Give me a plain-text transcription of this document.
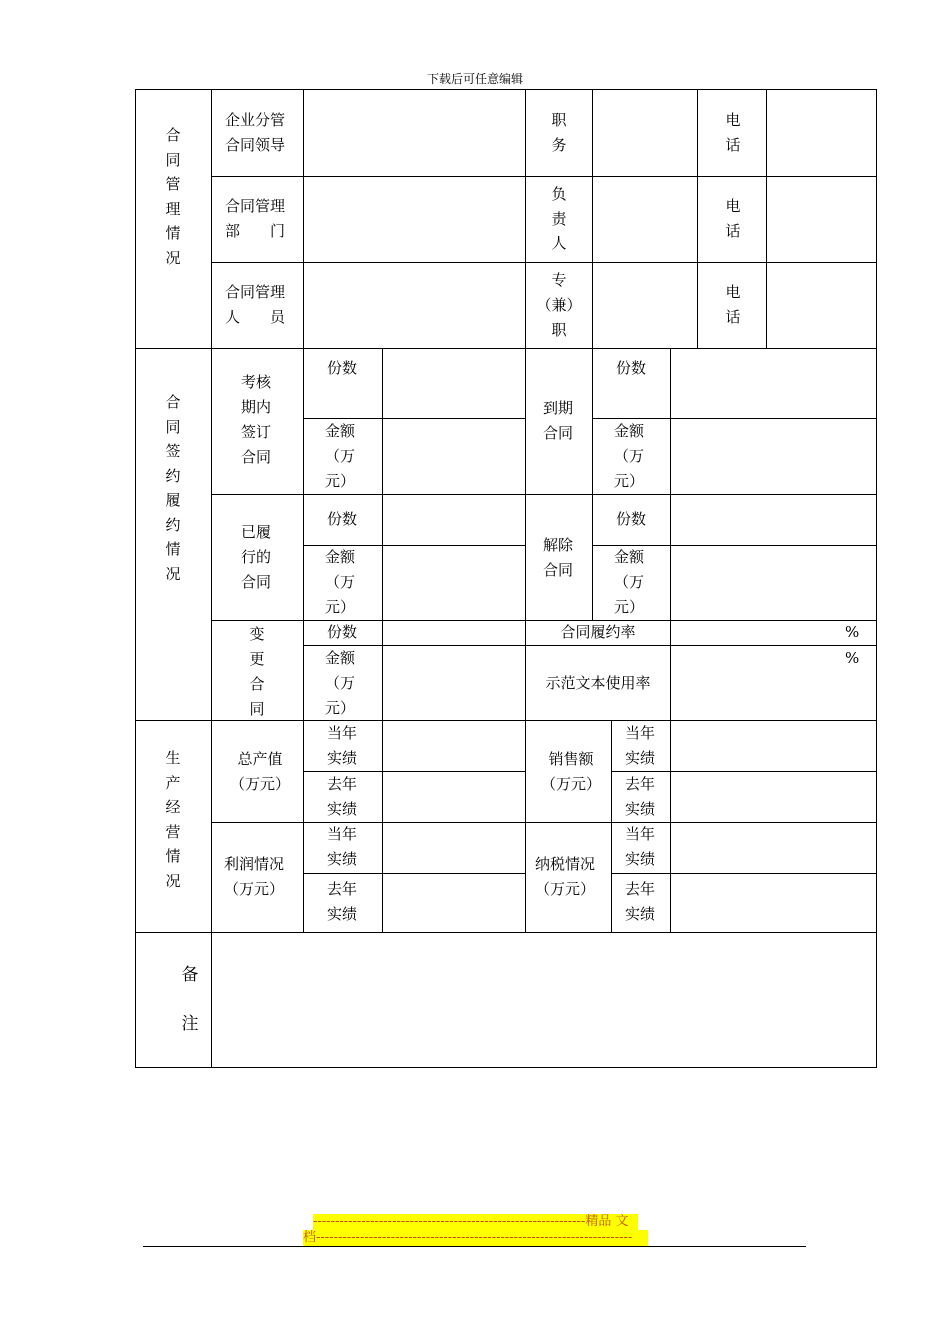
下载后可任意编辑
合
同
管
理
情
况
企业分管
合同领导
职
务
电
话
合同管理
部　　门
负
责
人
电
话
合同管理
人　　员
专
（兼）
职
电
话
合
同
签
约
履
约
情
况
考核
期内
签订
合同
份数
金额
（万
元）
到期
合同
份数
金额
（万
元）
已履
行的
合同
份数
金额
（万
元）
解除
合同
份数
金额
（万
元）
变
更
合
同
份数
金额
（万
元）
合同履约率	%
示范文本使用率
%
生
产
经
营
情
况
总产值
（万元）
当年
实绩
去年
实绩
销售额
（万元）
当年
实绩
去年
实绩
利润情况
（万元）
当年
实绩
去年
实绩
纳税情况
（万元）
当年
实绩
去年
实绩
备

注
--------------------------------------------------------------精品 文
档------------------------------------------------------------------------
